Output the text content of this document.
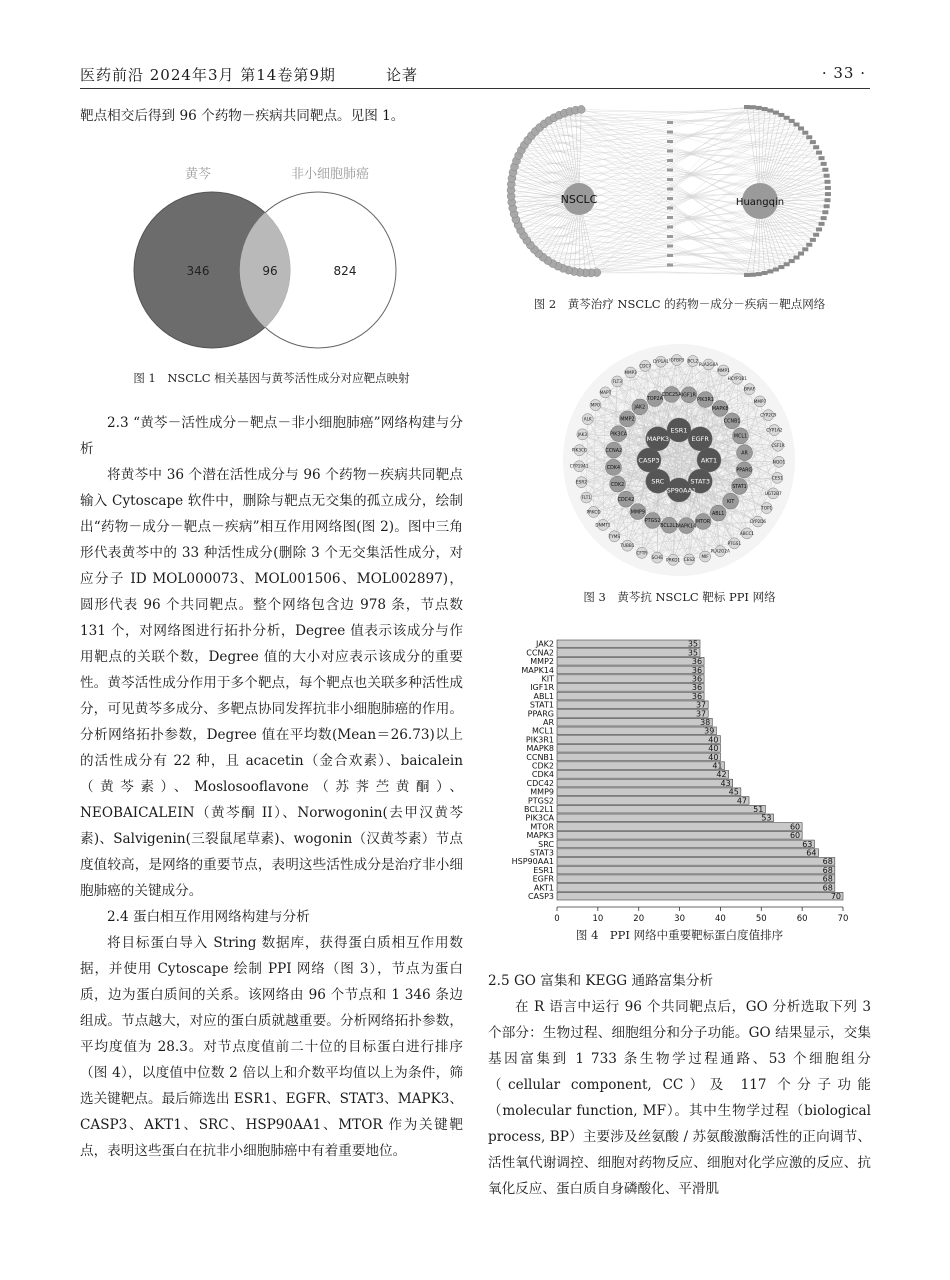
医药前沿 2024年3月 第14卷第9期	论著	· 33 ·

靶点相交后得到 96 个药物－疾病共同靶点。见图 1。

黄芩	非小细胞肺癌
346	96	824
图 1　NSCLC 相关基因与黄芩活性成分对应靶点映射

2.3 “黄芩－活性成分－靶点－非小细胞肺癌”网络构建与分析

将黄芩中 36 个潜在活性成分与 96 个药物－疾病共同靶点输入 Cytoscape 软件中，删除与靶点无交集的孤立成分，绘制出“药物－成分－靶点－疾病”相互作用网络图(图 2)。图中三角形代表黄芩中的 33 种活性成分(删除 3 个无交集活性成分，对应分子 ID MOL000073、MOL001506、MOL002897)，圆形代表 96 个共同靶点。整个网络包含边 978 条，节点数 131 个，对网络图进行拓扑分析，Degree 值表示该成分与作用靶点的关联个数，Degree 值的大小对应表示该成分的重要性。黄芩活性成分作用于多个靶点，每个靶点也关联多种活性成分，可见黄芩多成分、多靶点协同发挥抗非小细胞肺癌的作用。分析网络拓扑参数，Degree 值在平均数(Mean＝26.73)以上的活性成分有 22 种，且 acacetin（金合欢素）、baicalein（黄芩素）、Moslosooflavone（苏荠苎黄酮）、NEOBAICALEIN（黄芩酮 II）、Norwogonin(去甲汉黄芩素)、Salvigenin(三裂鼠尾草素)、wogonin（汉黄芩素）节点度值较高，是网络的重要节点，表明这些活性成分是治疗非小细胞肺癌的关键成分。

2.4 蛋白相互作用网络构建与分析

将目标蛋白导入 String 数据库，获得蛋白质相互作用数据，并使用 Cytoscape 绘制 PPI 网络（图 3），节点为蛋白质，边为蛋白质间的关系。该网络由 96 个节点和 1 346 条边组成。节点越大，对应的蛋白质就越重要。分析网络拓扑参数，平均度值为 28.3。对节点度值前二十位的目标蛋白进行排序（图 4），以度值中位数 2 倍以上和介数平均值以上为条件，筛选关键靶点。最后筛选出 ESR1、EGFR、STAT3、MAPK3、CASP3、AKT1、SRC、HSP90AA1、MTOR 作为关键靶点，表明这些蛋白在抗非小细胞肺癌中有着重要地位。

NSCLC	Huangqin
图 2　黄芩治疗 NSCLC 的药物－成分－疾病－靶点网络
ESR1
EGFR
AKT1
STAT3
HSP90AA1
SRC
CASP3
MAPK3
IGF1R
PIK3R1
MAPK8
CCNB1
MCL1
AR
PPARG
STAT1
KIT
ABL1
MTOR
MAPK14
BCL2L1
PTGS2
MMP9
CDC42
CDK2
CDK4
CCNA2
PIK3CA
MMP2
JAK2
TOP2A
CDC25A
PLA2G4A
MMP1
HCYP1B1
BRAF
MMP7
CYP2C9
CYP1A2
CSF1R
NQO1
CES1
UGT2B7
TOP1
CYP2D6
ABCC1
PTGS1
PLA2G2A
MIF
CES2
PRKD1
SCHE
CFTR
TUBB1
TYMS
DNMT1
PRKCD
FLT1
ESR2
CYP19A1
PIK3CG
JAK3
ALK
MPO
MAPT
FLT3
MMP3
CDC7
CYP1A1 IGFBP3 BCL2
图 3　黄芩抗 NSCLC 靶标 PPI 网络
JAK2	35
CCNA2	35
MMP2	36
MAPK14	36
KIT	36
IGF1R	36
ABL1	36
STAT1	37
PPARG	37
AR	38
MCL1	39
PIK3R1	40
MAPK8	40
CCNB1	40
CDK2	41
CDK4	42
CDC42	43
MMP9	45
PTGS2	47
BCL2L1	51
PIK3CA	53
MTOR	60
MAPK3	60
SRC	63
STAT3	64
HSP90AA1	68
ESR1	68
EGFR	68
AKT1	68
CASP3	70
0	10	20	30	40	50	60	70
图 4　PPI 网络中重要靶标蛋白度值排序

2.5 GO 富集和 KEGG 通路富集分析

在 R 语言中运行 96 个共同靶点后，GO 分析选取下列 3 个部分：生物过程、细胞组分和分子功能。GO 结果显示，交集基因富集到 1 733 条生物学过程通路、53 个细胞组分（cellular component, CC）及 117 个分子功能（molecular function, MF）。其中生物学过程（biological process, BP）主要涉及丝氨酸 / 苏氨酸激酶活性的正向调节、活性氧代谢调控、细胞对药物反应、细胞对化学应激的反应、抗氧化反应、蛋白质自身磷酸化、平滑肌
